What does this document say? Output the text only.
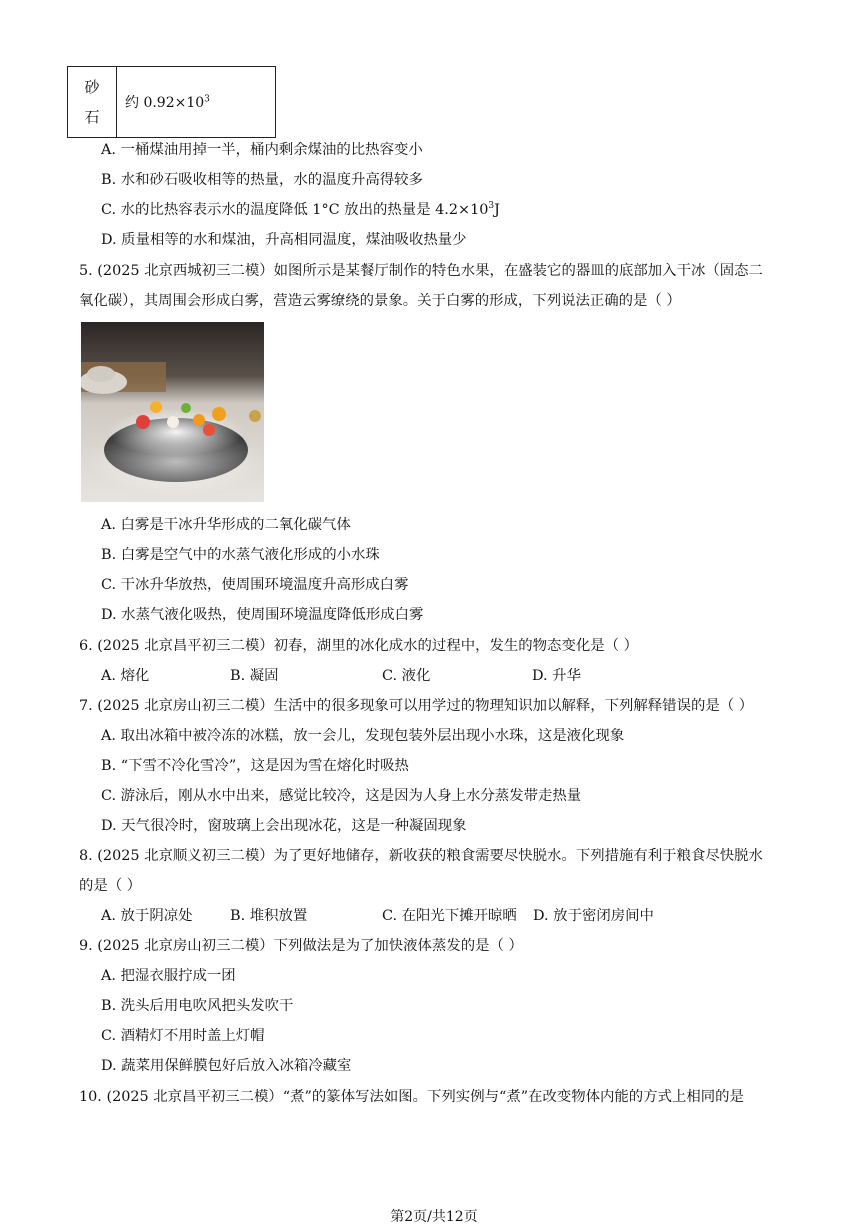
砂
石
	约 $0.92\times 10^3$
A. 一桶煤油用掉一半，桶内剩余煤油的比热容变小
B. 水和砂石吸收相等的热量，水的温度升高得较多
C. 水的比热容表示水的温度降低 1°C 放出的热量是 $4.2\times 10^3J$
D. 质量相等的水和煤油，升高相同温度，煤油吸收热量少
5. (2025 北京西城初三二模）如图所示是某餐厅制作的特色水果，在盛装它的器皿的底部加入干冰（固态二
氧化碳），其周围会形成白雾，营造云雾缭绕的景象。关于白雾的形成，下列说法正确的是（ ）
A. 白雾是干冰升华形成的二氧化碳气体
B. 白雾是空气中的水蒸气液化形成的小水珠
C. 干冰升华放热，使周围环境温度升高形成白雾
D. 水蒸气液化吸热，使周围环境温度降低形成白雾
6. (2025 北京昌平初三二模）初春，湖里的冰化成水的过程中，发生的物态变化是（ ）
A. 熔化	B. 凝固	C. 液化	D. 升华
7. (2025 北京房山初三二模）生活中的很多现象可以用学过的物理知识加以解释，下列解释错误的是（ ）
A. 取出冰箱中被冷冻的冰糕，放一会儿，发现包装外层出现小水珠，这是液化现象
B. “下雪不冷化雪冷”，这是因为雪在熔化时吸热
C. 游泳后，刚从水中出来，感觉比较冷，这是因为人身上水分蒸发带走热量
D. 天气很冷时，窗玻璃上会出现冰花，这是一种凝固现象
8. (2025 北京顺义初三二模）为了更好地储存，新收获的粮食需要尽快脱水。下列措施有利于粮食尽快脱水
的是（ ）
A. 放于阴凉处	B. 堆积放置	C. 在阳光下摊开晾晒 D. 放于密闭房间中
9. (2025 北京房山初三二模）下列做法是为了加快液体蒸发的是（ ）
A. 把湿衣服拧成一团
B. 洗头后用电吹风把头发吹干
C. 酒精灯不用时盖上灯帽
D. 蔬菜用保鲜膜包好后放入冰箱冷藏室
10. (2025 北京昌平初三二模）“煮”的篆体写法如图。下列实例与“煮”在改变物体内能的方式上相同的是
第2页/共12页
